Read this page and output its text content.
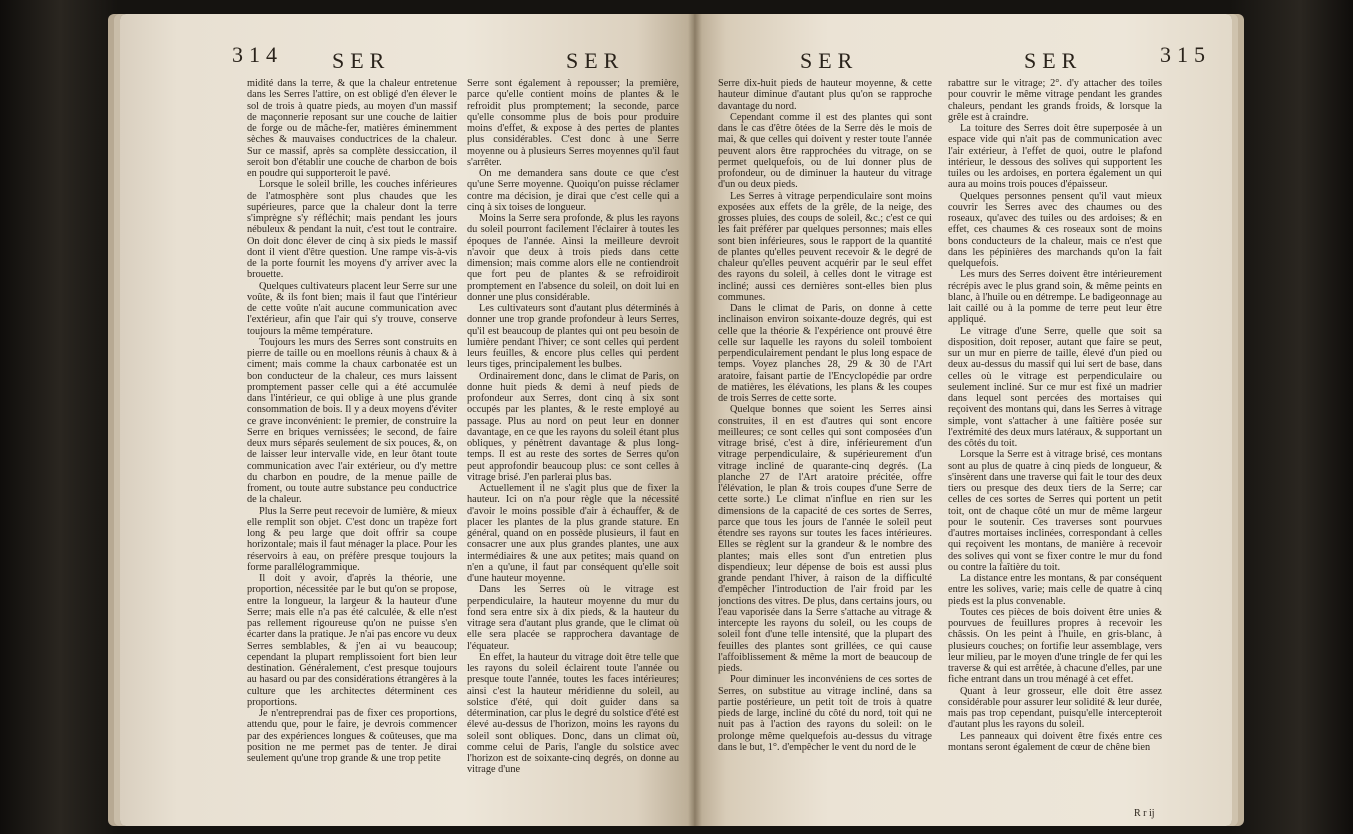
314 SER	SER

midité dans la terre, & que la chaleur entretenue dans les Serres l'attire, on est obligé d'en élever le sol de trois à quatre pieds, au moyen d'un massif de maçonnerie reposant sur une couche de laitier de forge ou de mâche-fer, matières éminemment sèches & mauvaises conductrices de la chaleur. Sur ce massif, après sa complète dessiccation, il seroit bon d'établir une couche de charbon de bois en poudre qui supporteroit le pavé.

Lorsque le soleil brille, les couches inférieures de l'atmosphère sont plus chaudes que les supérieures, parce que la chaleur dont la terre s'imprègne s'y réfléchit; mais pendant les jours nébuleux & pendant la nuit, c'est tout le contraire. On doit donc élever de cinq à six pieds le massif dont il vient d'être question. Une rampe vis-à-vis de la porte fournit les moyens d'y arriver avec la brouette.

Quelques cultivateurs placent leur Serre sur une voûte, & ils font bien; mais il faut que l'intérieur de cette voûte n'ait aucune communication avec l'extérieur, afin que l'air qui s'y trouve, conserve toujours la même température.

Toujours les murs des Serres sont construits en pierre de taille ou en moellons réunis à chaux & à ciment; mais comme la chaux carbonatée est un bon conducteur de la chaleur, ces murs laissent promptement passer celle qui a été accumulée dans l'intérieur, ce qui oblige à une plus grande consommation de bois. Il y a deux moyens d'éviter ce grave inconvénient: le premier, de construire la Serre en briques vernissées; le second, de faire deux murs séparés seulement de six pouces, &, on de laisser leur intervalle vide, en leur ôtant toute communication avec l'air extérieur, ou d'y mettre du charbon en poudre, de la menue paille de froment, ou toute autre substance peu conductrice de la chaleur.

Plus la Serre peut recevoir de lumière, & mieux elle remplit son objet. C'est donc un trapèze fort long & peu large que doit offrir sa coupe horizontale; mais il faut ménager la place. Pour les réservoirs à eau, on préfère presque toujours la forme parallélogrammique.

Il doit y avoir, d'après la théorie, une proportion, nécessitée par le but qu'on se propose, entre la longueur, la largeur & la hauteur d'une Serre; mais elle n'a pas été calculée, & elle n'est pas rellement rigoureuse qu'on ne puisse s'en écarter dans la pratique. Je n'ai pas encore vu deux Serres semblables, & j'en ai vu beaucoup; cependant la plupart remplissoient fort bien leur destination. Généralement, c'est presque toujours au hasard ou par des considérations étrangères à la culture que les architectes déterminent ces proportions.

Je n'entreprendrai pas de fixer ces proportions, attendu que, pour le faire, je devrois commencer par des expériences longues & coûteuses, que ma position ne me permet pas de tenter. Je dirai seulement qu'une trop grande & une trop petite

Serre sont également à repousser; la première, parce qu'elle contient moins de plantes & le refroidit plus promptement; la seconde, parce qu'elle consomme plus de bois pour produire moins d'effet, & expose à des pertes de plantes plus considérables. C'est donc à une Serre moyenne ou à plusieurs Serres moyennes qu'il faut s'arrêter.

On me demandera sans doute ce que c'est qu'une Serre moyenne. Quoiqu'on puisse réclamer contre ma décision, je dirai que c'est celle qui a cinq à six toises de longueur.

Moins la Serre sera profonde, & plus les rayons du soleil pourront facilement l'éclairer à toutes les époques de l'année. Ainsi la meilleure devroit n'avoir que deux à trois pieds dans cette dimension; mais comme alors elle ne contiendroit que fort peu de plantes & se refroidiroit promptement en l'absence du soleil, on doit lui en donner une plus considérable.

Les cultivateurs sont d'autant plus déterminés à donner une trop grande profondeur à leurs Serres, qu'il est beaucoup de plantes qui ont peu besoin de lumière pendant l'hiver; ce sont celles qui perdent leurs feuilles, & encore plus celles qui perdent leurs tiges, principalement les bulbes.

Ordinairement donc, dans le climat de Paris, on donne huit pieds & demi à neuf pieds de profondeur aux Serres, dont cinq à six sont occupés par les plantes, & le reste employé au passage. Plus au nord on peut leur en donner davantage, en ce que les rayons du soleil étant plus obliques, y pénètrent davantage & plus long-temps. Il est au reste des sortes de Serres qu'on peut approfondir beaucoup plus: ce sont celles à vitrage brisé. J'en parlerai plus bas.

Actuellement il ne s'agit plus que de fixer la hauteur. Ici on n'a pour règle que la nécessité d'avoir le moins possible d'air à échauffer, & de placer les plantes de la plus grande stature. En général, quand on en possède plusieurs, il faut en consacrer une aux plus grandes plantes, une aux intermédiaires & une aux petites; mais quand on n'en a qu'une, il faut par conséquent qu'elle soit d'une hauteur moyenne.

Dans les Serres où le vitrage est perpendiculaire, la hauteur moyenne du mur du fond sera entre six à dix pieds, & la hauteur du vitrage sera d'autant plus grande, que le climat où elle sera placée se rapprochera davantage de l'équateur.

En effet, la hauteur du vitrage doit être telle que les rayons du soleil éclairent toute l'année ou presque toute l'année, toutes les faces intérieures; ainsi c'est la hauteur méridienne du soleil, au solstice d'été, qui doit guider dans sa détermination, car plus le degré du solstice d'été est élevé au-dessus de l'horizon, moins les rayons du soleil sont obliques. Donc, dans un climat où, comme celui de Paris, l'angle du solstice avec l'horizon est de soixante-cinq degrés, on donne au vitrage d'une

SER	SER	315

Serre dix-huit pieds de hauteur moyenne, & cette hauteur diminue d'autant plus qu'on se rapproche davantage du nord.

Cependant comme il est des plantes qui sont dans le cas d'être ôtées de la Serre dès le mois de mai, & que celles qui doivent y rester toute l'année peuvent alors être rapprochées du vitrage, on se permet quelquefois, ou de lui donner plus de profondeur, ou de diminuer la hauteur du vitrage d'un ou deux pieds.

Les Serres à vitrage perpendiculaire sont moins exposées aux effets de la grêle, de la neige, des grosses pluies, des coups de soleil, &c.; c'est ce qui les fait préférer par quelques personnes; mais elles sont bien inférieures, sous le rapport de la quantité de plantes qu'elles peuvent recevoir & le degré de chaleur qu'elles peuvent acquérir par le seul effet des rayons du soleil, à celles dont le vitrage est incliné; aussi ces dernières sont-elles bien plus communes.

Dans le climat de Paris, on donne à cette inclinaison environ soixante-douze degrés, qui est celle que la théorie & l'expérience ont prouvé être celle sur laquelle les rayons du soleil tomboient perpendiculairement pendant le plus long espace de temps. Voyez planches 28, 29 & 30 de l'Art aratoire, faisant partie de l'Encyclopédie par ordre de matières, les élévations, les plans & les coupes de trois Serres de cette sorte.

Quelque bonnes que soient les Serres ainsi construites, il en est d'autres qui sont encore meilleures; ce sont celles qui sont composées d'un vitrage brisé, c'est à dire, inférieurement d'un vitrage perpendiculaire, & supérieurement d'un vitrage incliné de quarante-cinq degrés. (La planche 27 de l'Art aratoire précitée, offre l'élévation, le plan & trois coupes d'une Serre de cette sorte.) Le climat n'influe en rien sur les dimensions de la capacité de ces sortes de Serres, parce que tous les jours de l'année le soleil peut étendre ses rayons sur toutes les faces intérieures. Elles se règlent sur la grandeur & le nombre des plantes; mais elles sont d'un entretien plus dispendieux; leur dépense de bois est aussi plus grande pendant l'hiver, à raison de la difficulté d'empêcher l'introduction de l'air froid par les jonctions des vitres. De plus, dans certains jours, ou l'eau vaporisée dans la Serre s'attache au vitrage & intercepte les rayons du soleil, ou les coups de soleil font d'une telle intensité, que la plupart des feuilles des plantes sont grillées, ce qui cause l'affoiblissement & même la mort de beaucoup de pieds.

Pour diminuer les inconvéniens de ces sortes de Serres, on substitue au vitrage incliné, dans sa partie postérieure, un petit toit de trois à quatre pieds de large, incliné du côté du nord, toit qui ne nuit pas à l'action des rayons du soleil: on le prolonge même quelquefois au-dessus du vitrage dans le but, 1°. d'empêcher le vent du nord de le

rabattre sur le vitrage; 2°. d'y attacher des toiles pour couvrir le même vitrage pendant les grandes chaleurs, pendant les grands froids, & lorsque la grêle est à craindre.

La toiture des Serres doit être superposée à un espace vide qui n'ait pas de communication avec l'air extérieur, à l'effet de quoi, outre le plafond intérieur, le dessous des solives qui supportent les tuiles ou les ardoises, en portera également un qui aura au moins trois pouces d'épaisseur.

Quelques personnes pensent qu'il vaut mieux couvrir les Serres avec des chaumes ou des roseaux, qu'avec des tuiles ou des ardoises; & en effet, ces chaumes & ces roseaux sont de moins bons conducteurs de la chaleur, mais ce n'est que dans les pépinières des marchands qu'on la fait quelquefois.

Les murs des Serres doivent être intérieurement récrépis avec le plus grand soin, & même peints en blanc, à l'huile ou en détrempe. Le badigeonnage au lait caillé ou à la pomme de terre peut leur être appliqué.

Le vitrage d'une Serre, quelle que soit sa disposition, doit reposer, autant que faire se peut, sur un mur en pierre de taille, élevé d'un pied ou deux au-dessus du massif qui lui sert de base, dans celles où le vitrage est perpendiculaire ou seulement incliné. Sur ce mur est fixé un madrier dans lequel sont percées des mortaises qui reçoivent des montans qui, dans les Serres à vitrage simple, vont s'attacher à une faîtière posée sur l'extrémité des deux murs latéraux, & supportant un des côtés du toit.

Lorsque la Serre est à vitrage brisé, ces montans sont au plus de quatre à cinq pieds de longueur, & s'insèrent dans une traverse qui fait le tour des deux tiers ou presque des deux tiers de la Serre; car celles de ces sortes de Serres qui portent un petit toit, ont de chaque côté un mur de même largeur pour le soutenir. Ces traverses sont pourvues d'autres mortaises inclinées, correspondant à celles qui reçoivent les montans, de manière à recevoir des solives qui vont se fixer contre le mur du fond ou contre la faîtière du toit.

La distance entre les montans, & par conséquent entre les solives, varie; mais celle de quatre à cinq pieds est la plus convenable.

Toutes ces pièces de bois doivent être unies & pourvues de feuillures propres à recevoir les châssis. On les peint à l'huile, en gris-blanc, à plusieurs couches; on fortifie leur assemblage, vers leur milieu, par le moyen d'une tringle de fer qui les traverse & qui est arrêtée, à chacune d'elles, par une fiche entrant dans un trou ménagé à cet effet.

Quant à leur grosseur, elle doit être assez considérable pour assurer leur solidité & leur durée, mais pas trop cependant, puisqu'elle intercepteroit d'autant plus les rayons du soleil.

Les panneaux qui doivent être fixés entre ces montans seront également de cœur de chêne bien

R r ij
